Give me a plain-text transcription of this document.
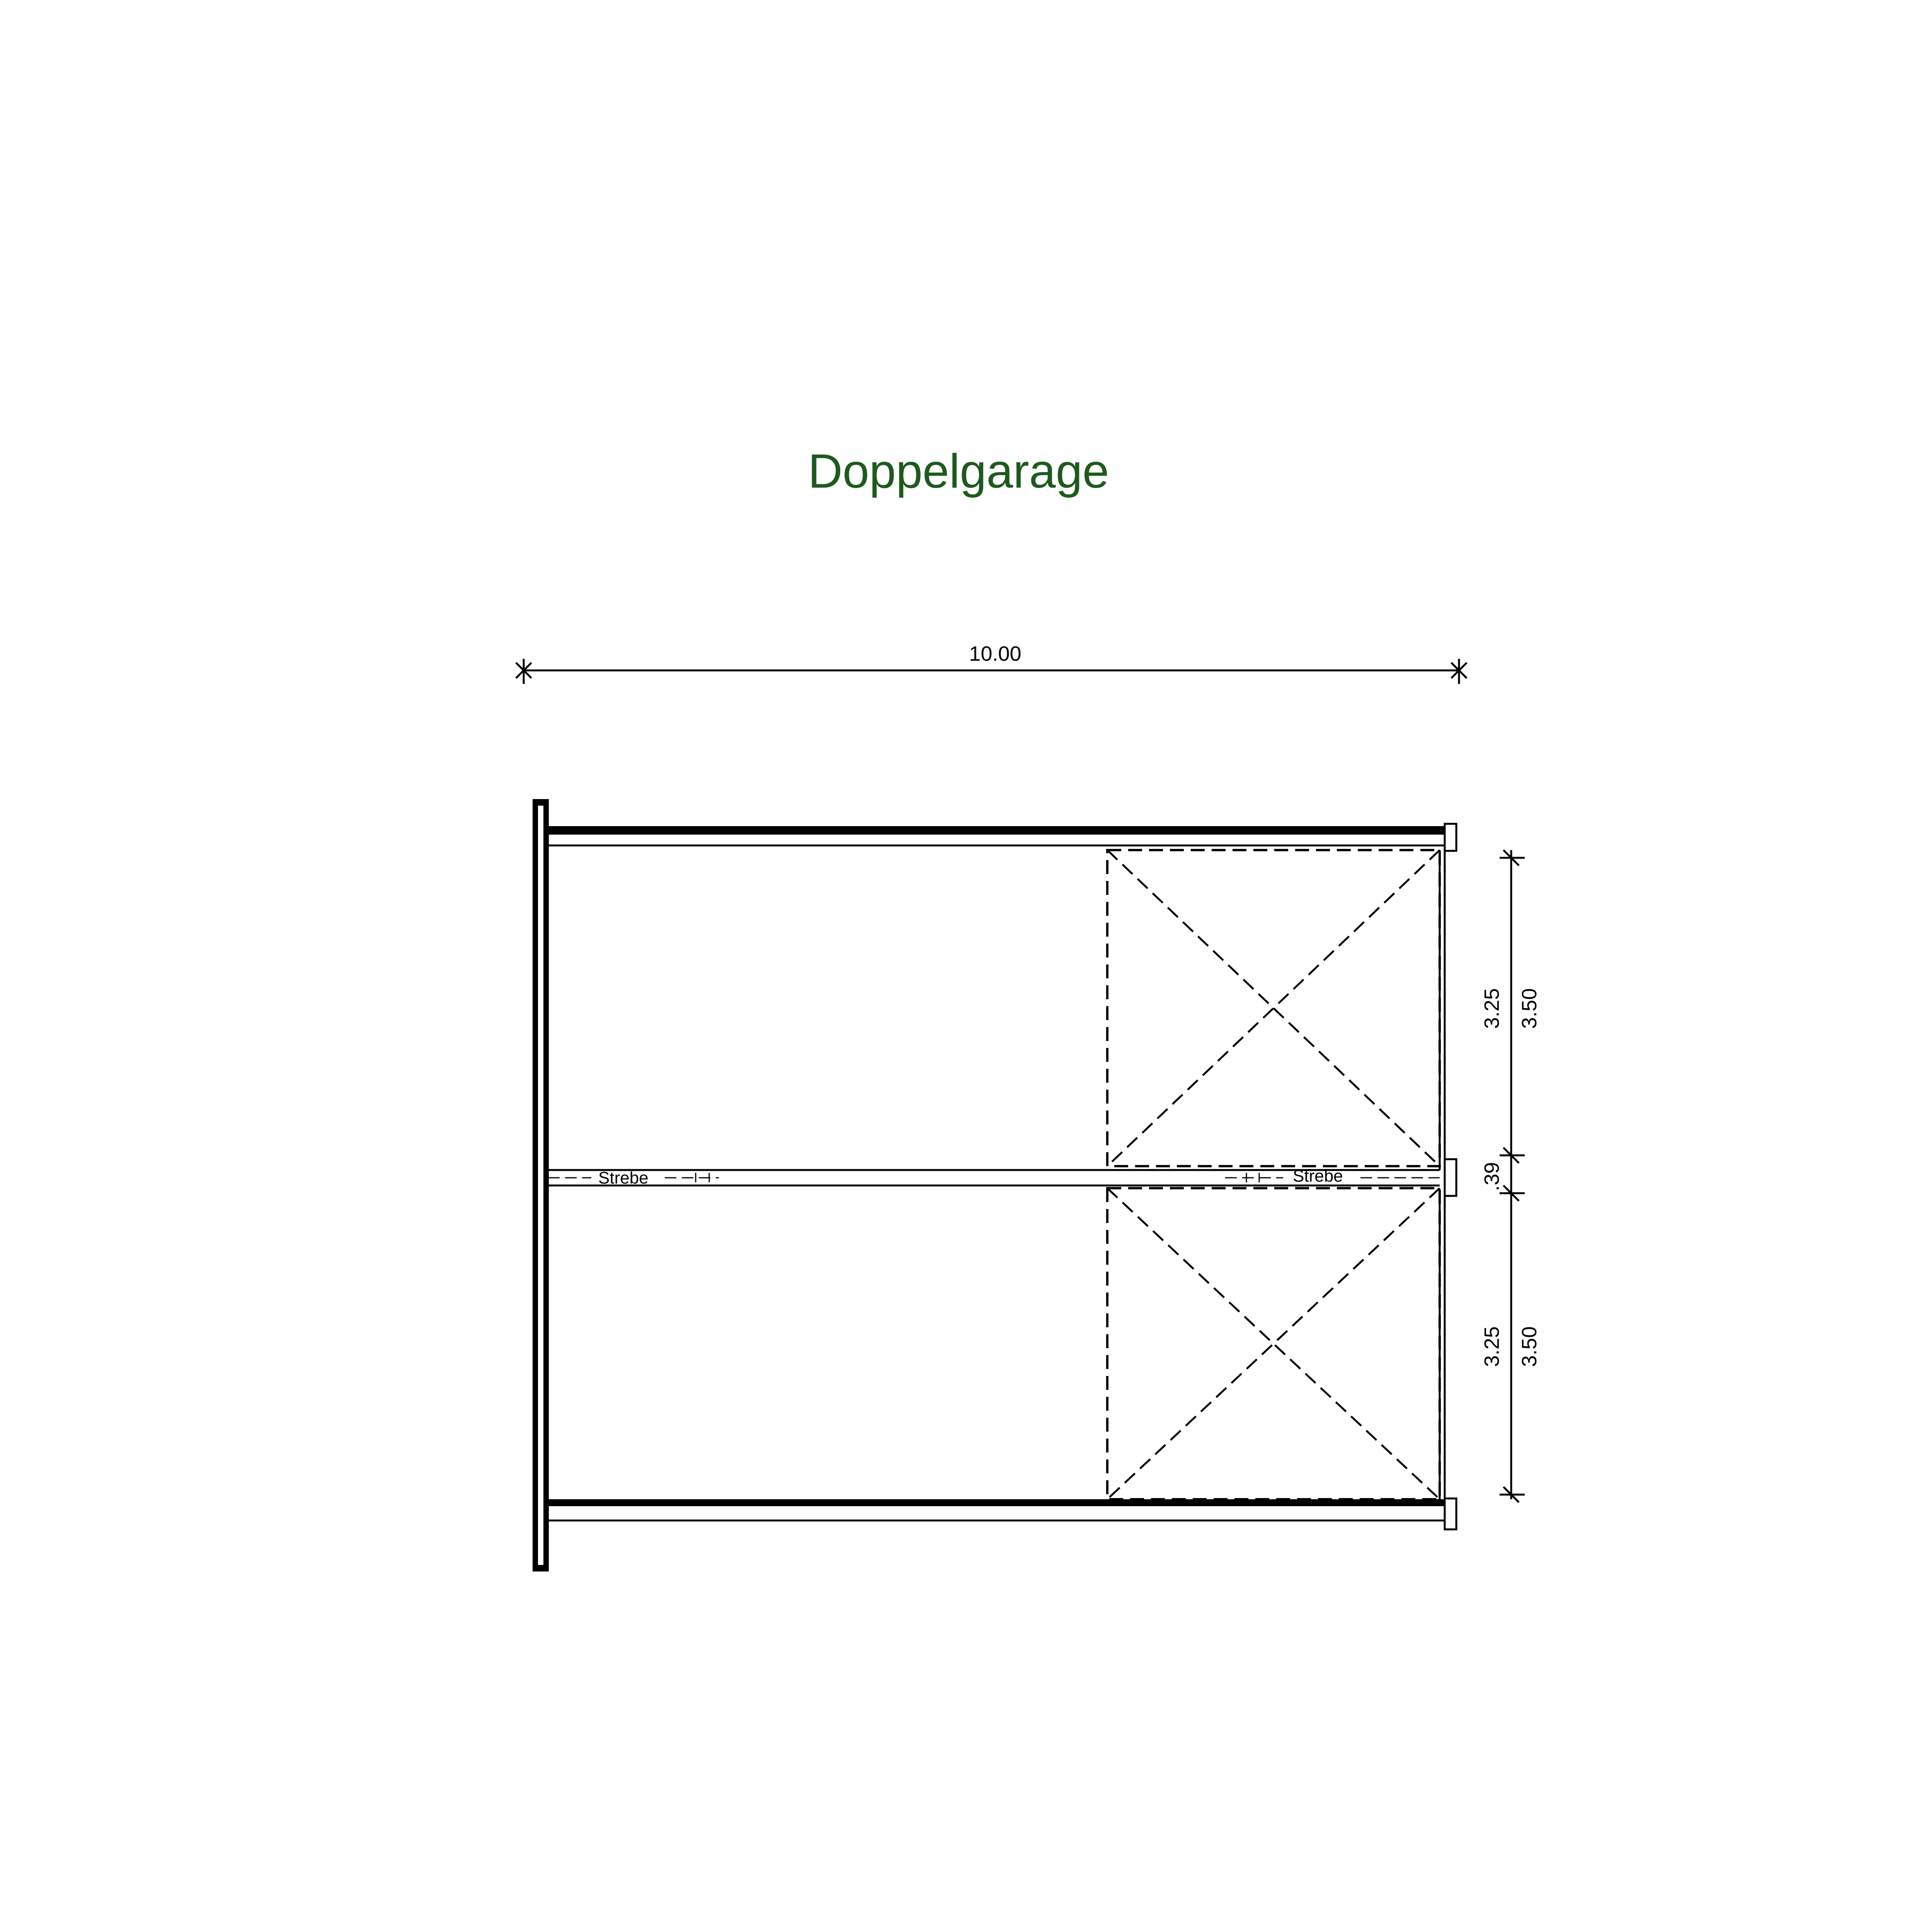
Doppelgarage
10.00
Strebe	Strebe
3.25 3.50
.39
3.25 3.50
